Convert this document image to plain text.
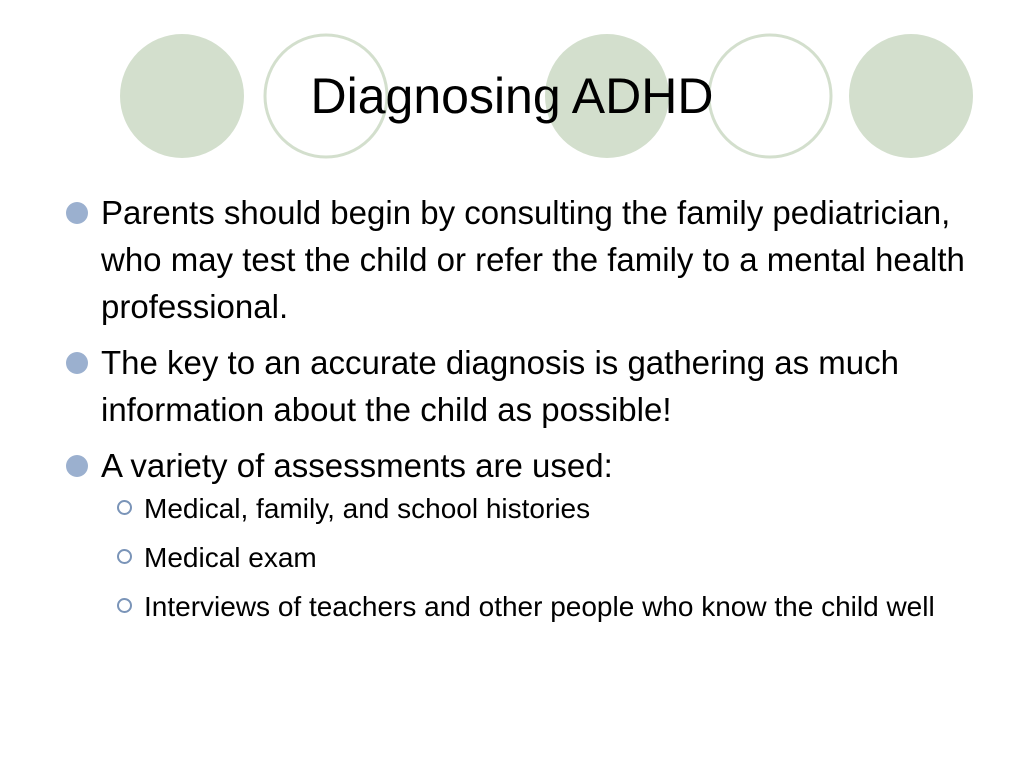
Diagnosing ADHD
Parents should begin by consulting the family pediatrician, who may test the child or refer the family to a mental health professional.
The key to an accurate diagnosis is gathering as much information about the child as possible!
A variety of assessments are used:
Medical, family, and school histories
Medical exam
Interviews of teachers and other people who know the child well
